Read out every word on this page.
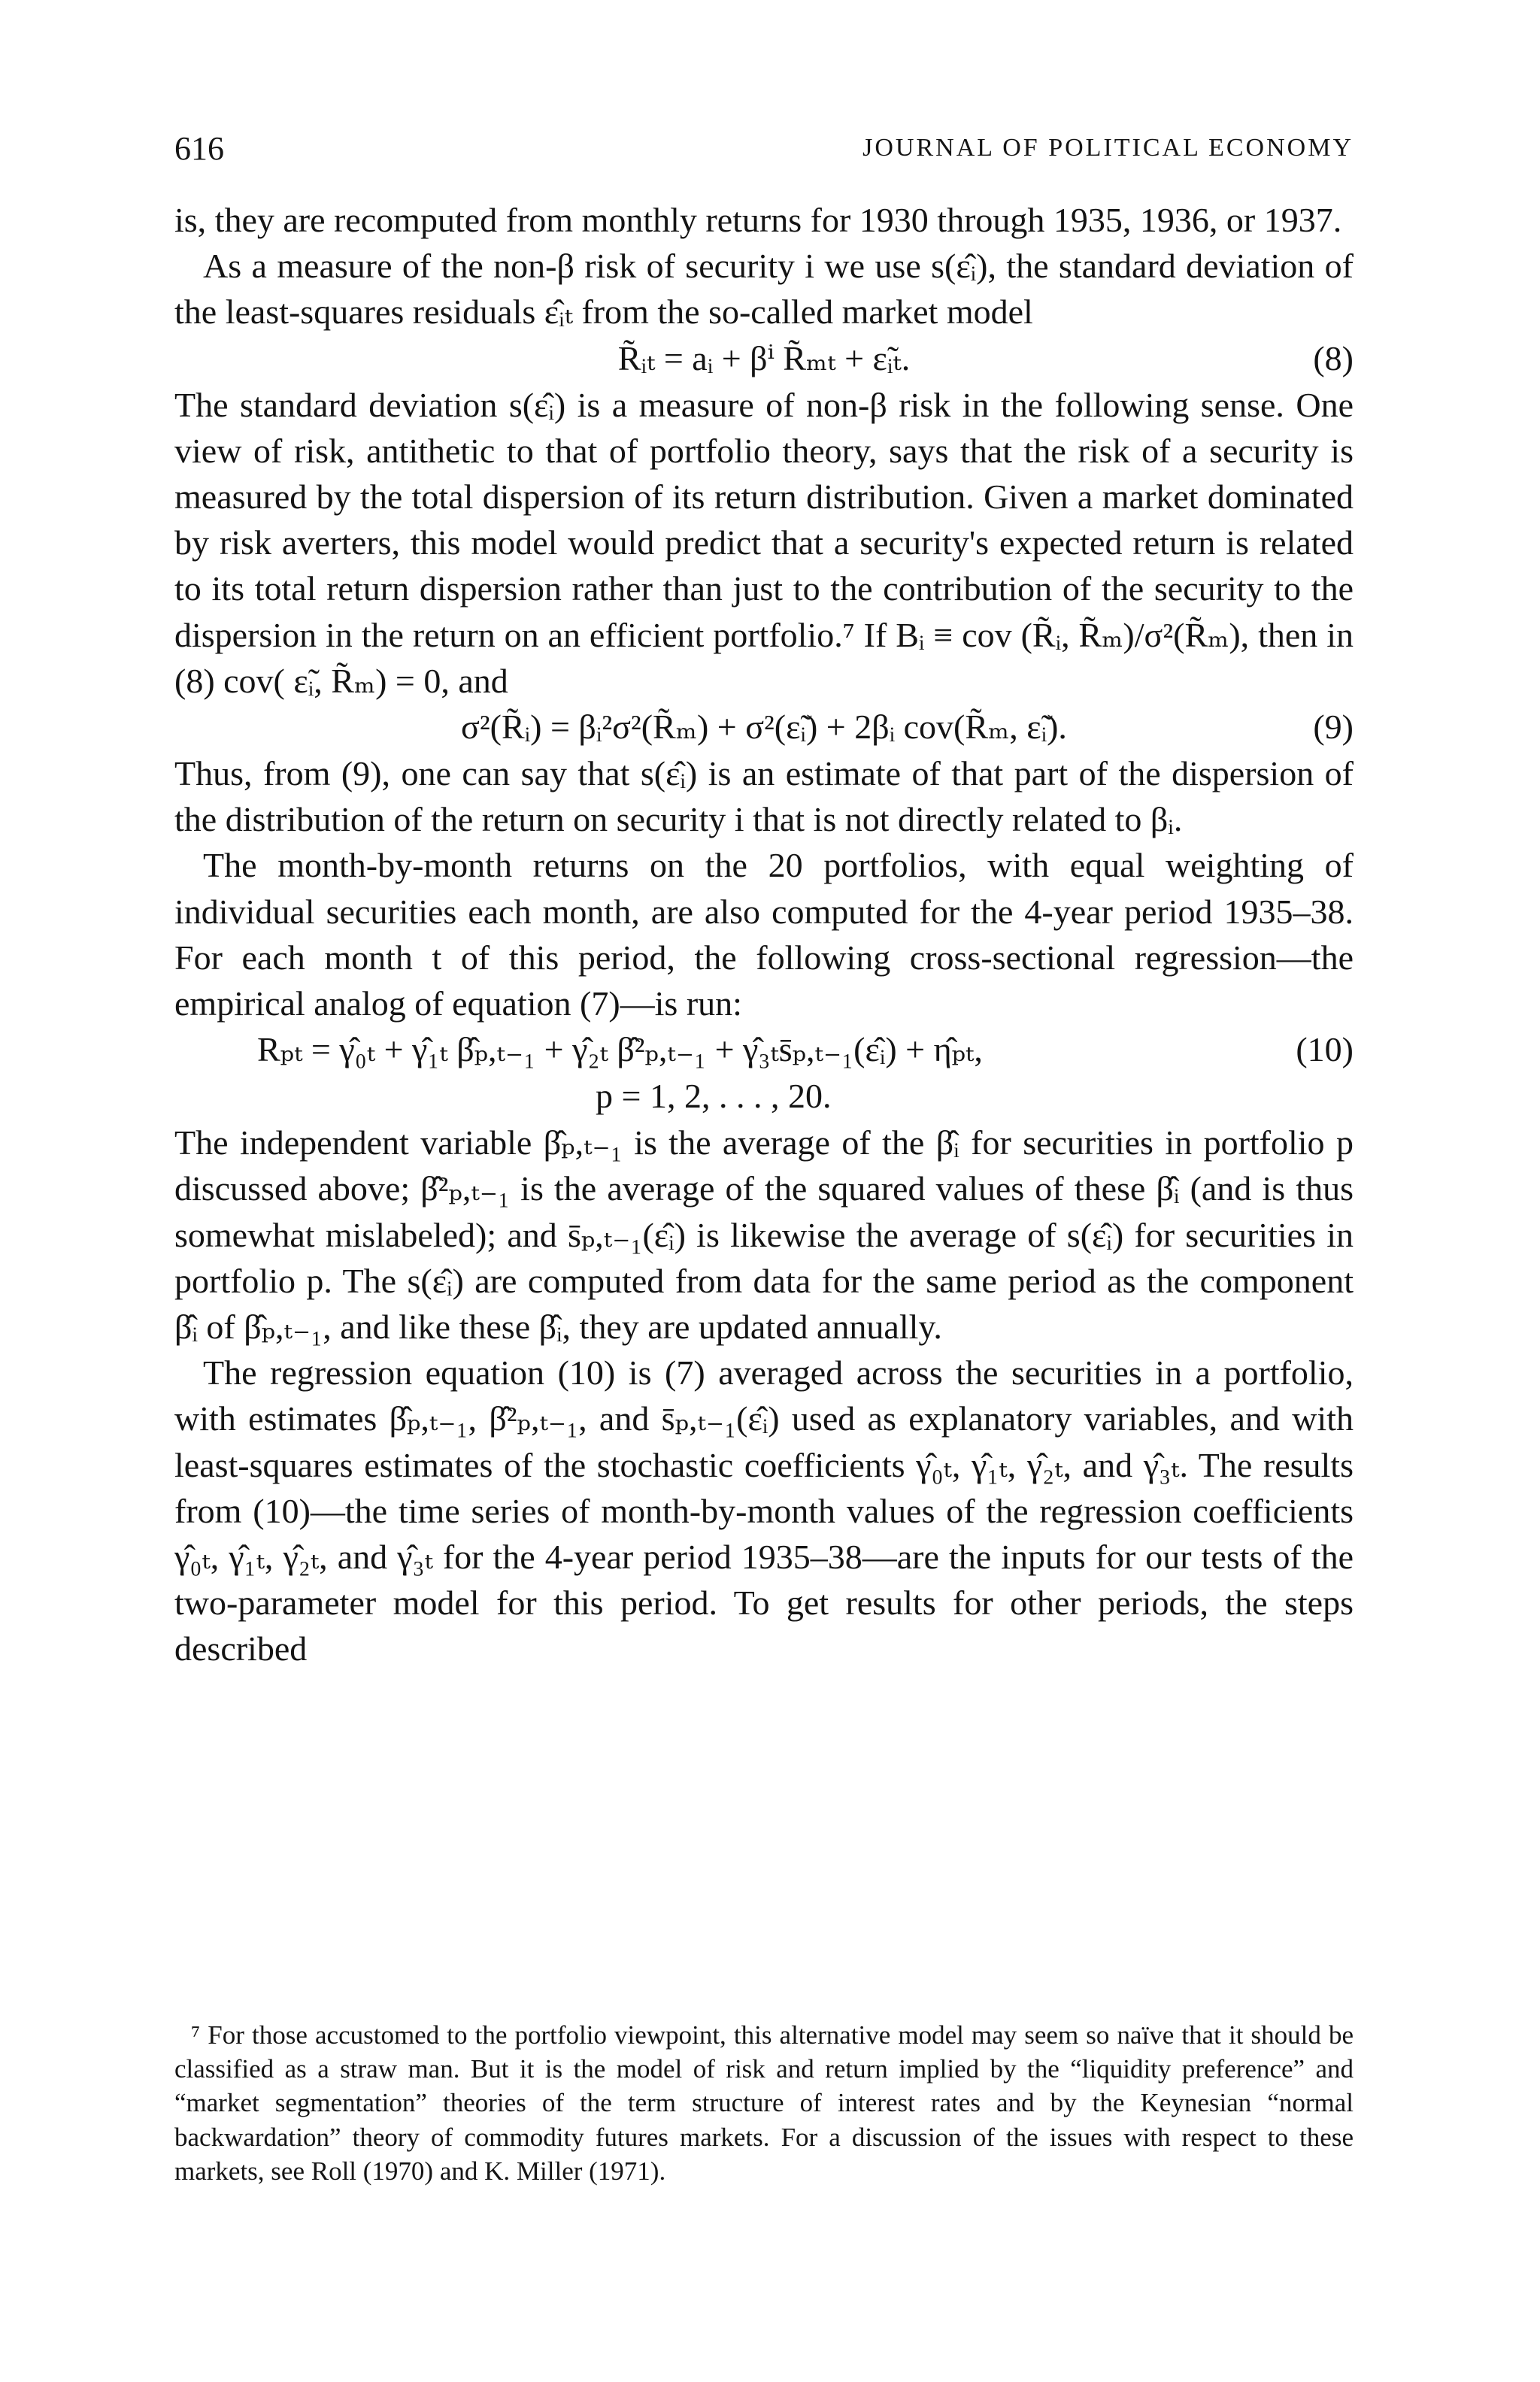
616	JOURNAL OF POLITICAL ECONOMY

is, they are recomputed from monthly returns for 1930 through 1935, 1936, or 1937.

As a measure of the non-β risk of security i we use s(ε̂ᵢ), the standard deviation of the least-squares residuals ε̂ᵢₜ from the so-called market model

R̃ᵢₜ = aᵢ + βⁱ R̃ₘₜ + ε̃ᵢₜ.	(8)

The standard deviation s(ε̂ᵢ) is a measure of non-β risk in the following sense. One view of risk, antithetic to that of portfolio theory, says that the risk of a security is measured by the total dispersion of its return distribution. Given a market dominated by risk averters, this model would predict that a security's expected return is related to its total return dispersion rather than just to the contribution of the security to the dispersion in the return on an efficient portfolio.⁷ If Bᵢ ≡ cov (R̃ᵢ, R̃ₘ)/σ²(R̃ₘ), then in (8) cov( ε̃ᵢ, R̃ₘ) = 0, and

σ²(R̃ᵢ) = βᵢ²σ²(R̃ₘ) + σ²(ε̃ᵢ) + 2βᵢ cov(R̃ₘ, ε̃ᵢ).	(9)

Thus, from (9), one can say that s(ε̂ᵢ) is an estimate of that part of the dispersion of the distribution of the return on security i that is not directly related to βᵢ.

The month-by-month returns on the 20 portfolios, with equal weighting of individual securities each month, are also computed for the 4-year period 1935–38. For each month t of this period, the following cross-sectional regression—the empirical analog of equation (7)—is run:

Rₚₜ = γ̂₀ₜ + γ̂₁ₜ β̂ₚ,ₜ₋₁ + γ̂₂ₜ β̂²ₚ,ₜ₋₁ + γ̂₃ₜs̄ₚ,ₜ₋₁(ε̂ᵢ) + η̂ₚₜ,	(10)
p = 1, 2, . . . , 20.

The independent variable β̂ₚ,ₜ₋₁ is the average of the β̂ᵢ for securities in portfolio p discussed above; β̂²ₚ,ₜ₋₁ is the average of the squared values of these β̂ᵢ (and is thus somewhat mislabeled); and s̄ₚ,ₜ₋₁(ε̂ᵢ) is likewise the average of s(ε̂ᵢ) for securities in portfolio p. The s(ε̂ᵢ) are computed from data for the same period as the component β̂ᵢ of β̂ₚ,ₜ₋₁, and like these β̂ᵢ, they are updated annually.

The regression equation (10) is (7) averaged across the securities in a portfolio, with estimates β̂ₚ,ₜ₋₁, β̂²ₚ,ₜ₋₁, and s̄ₚ,ₜ₋₁(ε̂ᵢ) used as explanatory variables, and with least-squares estimates of the stochastic coefficients γ̂₀ₜ, γ̂₁ₜ, γ̂₂ₜ, and γ̂₃ₜ. The results from (10)—the time series of month-by-month values of the regression coefficients γ̂₀ₜ, γ̂₁ₜ, γ̂₂ₜ, and γ̂₃ₜ for the 4-year period 1935–38—are the inputs for our tests of the two-parameter model for this period. To get results for other periods, the steps described

⁷ For those accustomed to the portfolio viewpoint, this alternative model may seem so naïve that it should be classified as a straw man. But it is the model of risk and return implied by the “liquidity preference” and “market segmentation” theories of the term structure of interest rates and by the Keynesian “normal backwardation” theory of commodity futures markets. For a discussion of the issues with respect to these markets, see Roll (1970) and K. Miller (1971).
